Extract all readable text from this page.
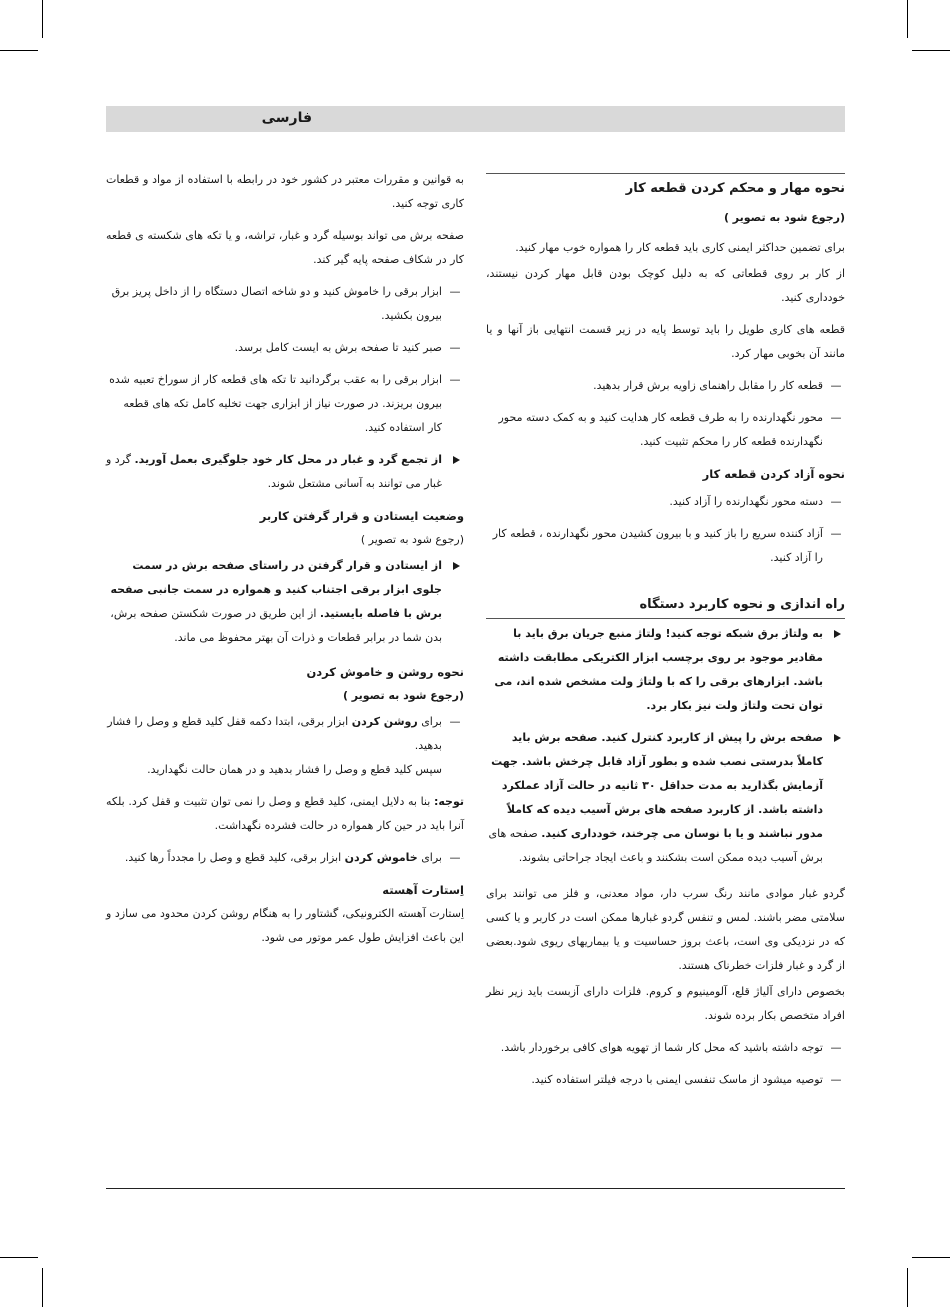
فارسی
نحوه مهار و محکم کردن قطعه کار
(رجوع شود به تصویر )
برای تضمین حداکثر ایمنی کاری باید قطعه کار را همواره خوب مهار کنید.
از کار بر روی قطعاتی که به دلیل کوچک بودن قابل مهار کردن نیستند، خودداری کنید.
قطعه های کاری طویل را باید توسط پایه در زیر قسمت انتهایی باز آنها و یا مانند آن بخوبی مهار کرد.
—
قطعه کار را مقابل راهنمای زاویه برش قرار بدهید.
—
محور نگهدارنده را به طرف قطعه کار هدایت کنید و به کمک دسته محور نگهدارنده قطعه کار را محکم تثبیت کنید.
نحوه آزاد کردن قطعه کار
—
دسته محور نگهدارنده را آزاد کنید.
—
آزاد کننده سریع را باز کنید و با بیرون کشیدن محور نگهدارنده ، قطعه کار را آزاد کنید.
راه اندازی و نحوه کاربرد دستگاه
به ولتاژ برق شبکه توجه کنید! ولتاژ منبع جریان برق باید با مقادیر موجود بر روی برچسب ابزار الکتریکی مطابقت داشته باشد. ابزارهای برقی را که با ولتاژ ولت مشخص شده اند، می توان تحت ولتاژ ولت نیز بکار برد.
صفحه برش را پیش از کاربرد کنترل کنید. صفحه برش باید کاملاً بدرستی نصب شده و بطور آزاد قابل چرخش باشد. جهت آزمایش بگذارید به مدت حداقل ۳۰ ثانیه در حالت آزاد عملکرد داشته باشد. از کاربرد صفحه های برش آسیب دیده که کاملاً مدور نباشند و یا با نوسان می چرخند، خودداری کنید. صفحه های برش آسیب دیده ممکن است بشکنند و باعث ایجاد جراحاتی بشوند.
گردو غبار موادی مانند رنگ سرب دار، مواد معدنی، و فلز می توانند برای سلامتی مضر باشند. لمس و تنفس گردو غبارها ممکن است در کاربر و یا کسی که در نزدیکی وی است، باعث بروز حساسیت و یا بیماریهای ریوی شود.بعضی از گرد و غبار فلزات خطرناک هستند.
بخصوص دارای آلیاژ قلع، آلومینیوم و کروم. فلزات دارای آزبست باید زیر نظر افراد متخصص بکار برده شوند.
—
توجه داشته باشید که محل کار شما از تهویه هوای کافی برخوردار باشد.
—
توصیه میشود از ماسک تنفسی ایمنی با درجه فیلتر استفاده کنید.
به قوانین و مقررات معتبر در کشور خود در رابطه با استفاده از مواد و قطعات کاری توجه کنید.
صفحه برش می تواند بوسیله گرد و غبار، تراشه، و یا تکه های شکسته ی قطعه کار در شکاف صفحه پایه گیر کند.
—
ابزار برقی را خاموش کنید و دو شاخه اتصال دستگاه را از داخل پریز برق بیرون بکشید.
—
صبر کنید تا صفحه برش به ایست کامل برسد.
—
ابزار برقی را به عقب برگردانید تا تکه های قطعه کار از سوراخ تعبیه شده بیرون بریزند. در صورت نیاز از ابزاری جهت تخلیه کامل تکه های قطعه کار استفاده کنید.
از تجمع گرد و غبار در محل کار خود جلوگیری بعمل آورید. گرد و غبار می توانند به آسانی مشتعل شوند.
وضعیت ایستادن و قرار گرفتن کاربر
(رجوع شود به تصویر )
از ایستادن و قرار گرفتن در راستای صفحه برش در سمت جلوی ابزار برقی اجتناب کنید و همواره در سمت جانبی صفحه برش با فاصله بایستید. از این طریق در صورت شکستن صفحه برش، بدن شما در برابر قطعات و ذرات آن بهتر محفوظ می ماند.
نحوه روشن و خاموش کردن
(رجوع شود به تصویر )
—
برای روشن کردن ابزار برقی، ابتدا دکمه قفل کلید قطع و وصل را فشار بدهید.
سپس کلید قطع و وصل را فشار بدهید و در همان حالت نگهدارید.
توجه: بنا به دلایل ایمنی، کلید قطع و وصل را نمی توان تثبیت و قفل کرد. بلکه آنرا باید در حین کار همواره در حالت فشرده نگهداشت.
—
برای خاموش کردن ابزار برقی، کلید قطع و وصل را مجدداً رها کنید.
اِستارت آهسته
اِستارت آهسته الکترونیکی، گشتاور را به هنگام روشن کردن محدود می سازد و این باعث افزایش طول عمر موتور می شود.
